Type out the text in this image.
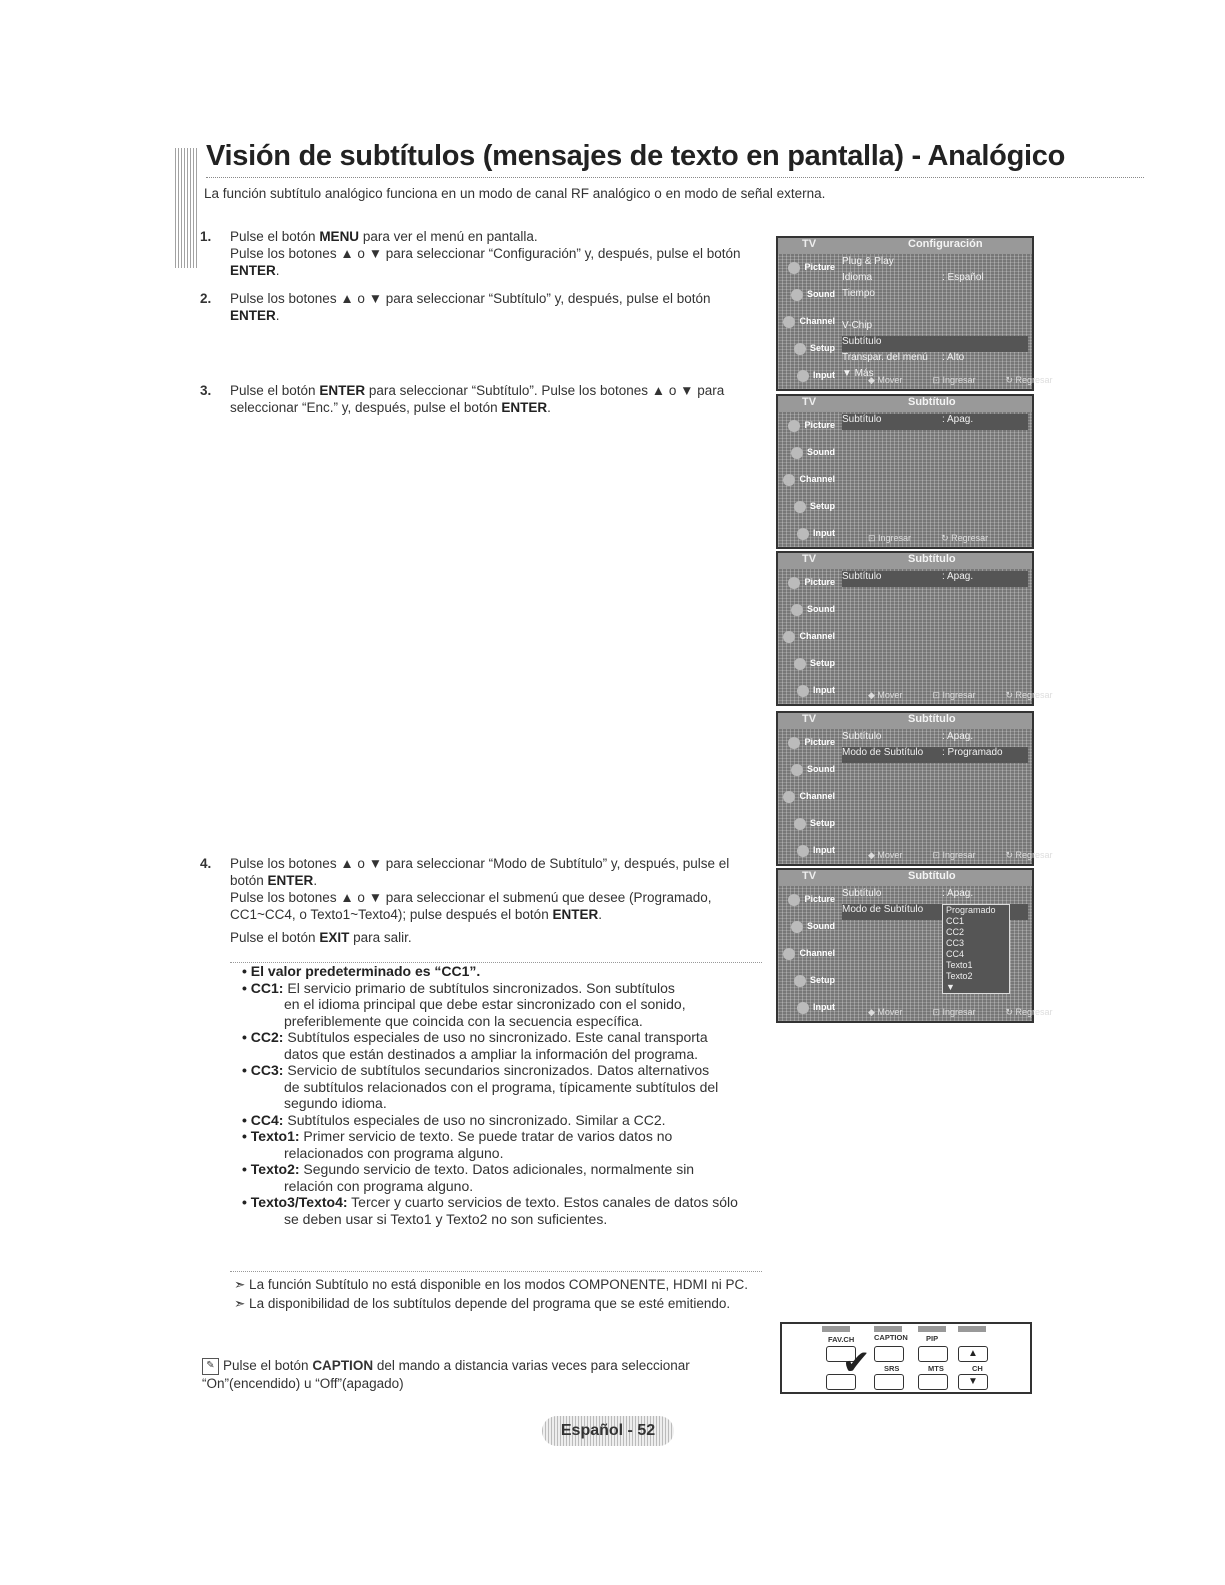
Visión de subtítulos (mensajes de texto en pantalla) - Analógico
La función subtítulo analógico funciona en un modo de canal RF analógico o en modo de señal externa.
1. Pulse el botón MENU para ver el menú en pantalla.
Pulse los botones ▲ o ▼ para seleccionar “Configuración” y, después, pulse el botón ENTER.
2. Pulse los botones ▲ o ▼ para seleccionar “Subtítulo” y, después, pulse el botón ENTER.
3. Pulse el botón ENTER para seleccionar “Subtítulo”. Pulse los botones ▲ o ▼ para seleccionar “Enc.” y, después, pulse el botón ENTER.
4. Pulse los botones ▲ o ▼ para seleccionar “Modo de Subtítulo” y, después, pulse el botón ENTER.
Pulse los botones ▲ o ▼ para seleccionar el submenú que desee (Programado, CC1~CC4, o Texto1~Texto4); pulse después el botón ENTER.
Pulse el botón EXIT para salir.
• El valor predeterminado es “CC1”.
• CC1: El servicio primario de subtítulos sincronizados. Son subtítulos
en el idioma principal que debe estar sincronizado con el sonido,
preferiblemente que coincida con la secuencia específica.
• CC2: Subtítulos especiales de uso no sincronizado. Este canal transporta
datos que están destinados a ampliar la información del programa.
• CC3: Servicio de subtítulos secundarios sincronizados. Datos alternativos
de subtítulos relacionados con el programa, típicamente subtítulos del
segundo idioma.
• CC4: Subtítulos especiales de uso no sincronizado. Similar a CC2.
• Texto1: Primer servicio de texto. Se puede tratar de varios datos no
relacionados con programa alguno.
• Texto2: Segundo servicio de texto. Datos adicionales, normalmente sin
relación con programa alguno.
• Texto3/Texto4: Tercer y cuarto servicios de texto. Estos canales de datos sólo
se deben usar si Texto1 y Texto2 no son suficientes.
➣ La función Subtítulo no está disponible en los modos COMPONENTE, HDMI ni PC.
➣ La disponibilidad de los subtítulos depende del programa que se esté emitiendo.
✎ Pulse el botón CAPTION del mando a distancia varias veces para seleccionar “On”(encendido) u “Off”(apagado)
TV	Configuración
Picture
Sound
Channel
Setup
Input
Plug & Play
Idioma	: Español
Tiempo
V-Chip
Subtítulo
Transpar. del menú : Alto
▼ Más
◆ Mover	⊡ Ingresar	↻ Regresar
TV	Subtítulo
Picture
Sound
Channel
Setup
Input
Subtítulo	: Apag.
⊡ Ingresar	↻ Regresar
TV	Subtítulo
Picture
Sound
Channel
Setup
Input
Subtítulo	: Apag.
◆ Mover	⊡ Ingresar	↻ Regresar
TV	Subtítulo
Picture
Sound
Channel
Setup
Input
Subtítulo	: Apag.
Modo de Subtítulo : Programado
◆ Mover	⊡ Ingresar	↻ Regresar
TV	Subtítulo
Picture
Sound
Channel
Setup
Input
Subtítulo	: Apag.
Modo de Subtítulo	Programado
CC1
CC2
CC3
CC4
Texto1
Texto2
▼
◆ Mover	⊡ Ingresar	↻ Regresar
FAV.CH	CAPTION PIP
▲
SRS	MTS	CH
▼
✔
Español - 52
